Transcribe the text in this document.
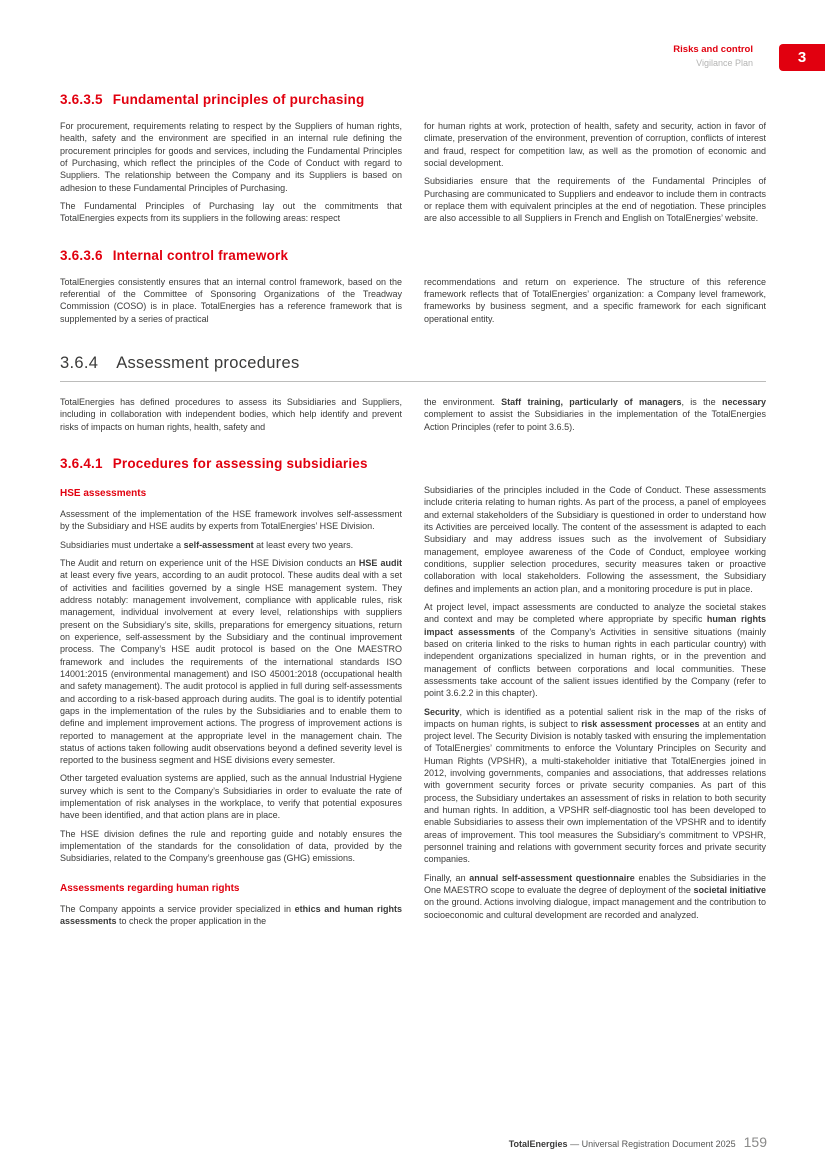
Risks and control
Vigilance Plan	3
3.6.3.5 Fundamental principles of purchasing

For procurement, requirements relating to respect by the Suppliers of human rights, health, safety and the environment are specified in an internal rule defining the procurement principles for goods and services, including the Fundamental Principles of Purchasing, which reflect the principles of the Code of Conduct with regard to Suppliers. The relationship between the Company and its Suppliers is based on adhesion to these Fundamental Principles of Purchasing.

The Fundamental Principles of Purchasing lay out the commitments that TotalEnergies expects from its suppliers in the following areas: respect

for human rights at work, protection of health, safety and security, action in favor of climate, preservation of the environment, prevention of corruption, conflicts of interest and fraud, respect for competition law, as well as the promotion of economic and social development.

Subsidiaries ensure that the requirements of the Fundamental Principles of Purchasing are communicated to Suppliers and endeavor to include them in contracts or replace them with equivalent principles at the end of negotiation. These principles are also accessible to all Suppliers in French and English on TotalEnergies’ website.

3.6.3.6 Internal control framework

TotalEnergies consistently ensures that an internal control framework, based on the referential of the Committee of Sponsoring Organizations of the Treadway Commission (COSO) is in place. TotalEnergies has a reference framework that is supplemented by a series of practical

recommendations and return on experience. The structure of this reference framework reflects that of TotalEnergies’ organization: a Company level framework, frameworks by business segment, and a specific framework for each significant operational entity.

3.6.4 Assessment procedures

TotalEnergies has defined procedures to assess its Subsidiaries and Suppliers, including in collaboration with independent bodies, which help identify and prevent risks of impacts on human rights, health, safety and

the environment. Staff training, particularly of managers, is the necessary complement to assist the Subsidiaries in the implementation of the TotalEnergies Action Principles (refer to point 3.6.5).

3.6.4.1 Procedures for assessing subsidiaries
HSE assessments

Assessment of the implementation of the HSE framework involves self-assessment by the Subsidiary and HSE audits by experts from TotalEnergies’ HSE Division.

Subsidiaries must undertake a self-assessment at least every two years.

The Audit and return on experience unit of the HSE Division conducts an HSE audit at least every five years, according to an audit protocol. These audits deal with a set of activities and facilities governed by a single HSE management system. They address notably: management involvement, compliance with applicable rules, risk management, individual involvement at every level, relationships with suppliers present on the Subsidiary’s site, skills, preparations for emergency situations, return on experience, self-assessment by the Subsidiary and the continual improvement process. The Company’s HSE audit protocol is based on the One MAESTRO framework and includes the requirements of the international standards ISO 14001:2015 (environmental management) and ISO 45001:2018 (occupational health and safety management). The audit protocol is applied in full during self-assessments and according to a risk-based approach during audits. The goal is to identify potential gaps in the implementation of the rules by the Subsidiaries and to enable them to define and implement improvement actions. The progress of improvement actions is reported to management at the appropriate level in the management chain. The status of actions taken following audit observations beyond a defined severity level is reported to the business segment and HSE divisions every semester.

Other targeted evaluation systems are applied, such as the annual Industrial Hygiene survey which is sent to the Company’s Subsidiaries in order to evaluate the rate of implementation of risk analyses in the workplace, to verify that potential exposures have been identified, and that action plans are in place.

The HSE division defines the rule and reporting guide and notably ensures the implementation of the standards for the consolidation of data, provided by the Subsidiaries, related to the Company’s greenhouse gas (GHG) emissions.

Assessments regarding human rights

The Company appoints a service provider specialized in ethics and human rights assessments to check the proper application in the

Subsidiaries of the principles included in the Code of Conduct. These assessments include criteria relating to human rights. As part of the process, a panel of employees and external stakeholders of the Subsidiary is questioned in order to understand how its Activities are perceived locally. The content of the assessment is adapted to each Subsidiary and may address issues such as the involvement of Subsidiary management, employee awareness of the Code of Conduct, employee working conditions, supplier selection procedures, security measures taken or proactive collaboration with local stakeholders. Following the assessment, the Subsidiary defines and implements an action plan, and a monitoring procedure is put in place.

At project level, impact assessments are conducted to analyze the societal stakes and context and may be completed where appropriate by specific human rights impact assessments of the Company’s Activities in sensitive situations (mainly based on criteria linked to the risks to human rights in each particular country) with independent organizations specialized in human rights, or in the prevention and management of conflicts between corporations and local communities. These assessments take account of the salient issues identified by the Company (refer to point 3.6.2.2 in this chapter).

Security, which is identified as a potential salient risk in the map of the risks of impacts on human rights, is subject to risk assessment processes at an entity and project level. The Security Division is notably tasked with ensuring the implementation of TotalEnergies’ commitments to enforce the Voluntary Principles on Security and Human Rights (VPSHR), a multi-stakeholder initiative that TotalEnergies joined in 2012, involving governments, companies and associations, that addresses relations with government security forces or private security companies. As part of this process, the Subsidiary undertakes an assessment of risks in relation to both security and human rights. In addition, a VPSHR self-diagnostic tool has been developed to enable Subsidiaries to assess their own implementation of the VPSHR and to identify areas of improvement. This tool measures the Subsidiary’s commitment to VPSHR, personnel training and relations with government security forces and private security companies.

Finally, an annual self-assessment questionnaire enables the Subsidiaries in the One MAESTRO scope to evaluate the degree of deployment of the societal initiative on the ground. Actions involving dialogue, impact management and the contribution to socioeconomic and cultural development are recorded and analyzed.

TotalEnergies — Universal Registration Document 2025 159
